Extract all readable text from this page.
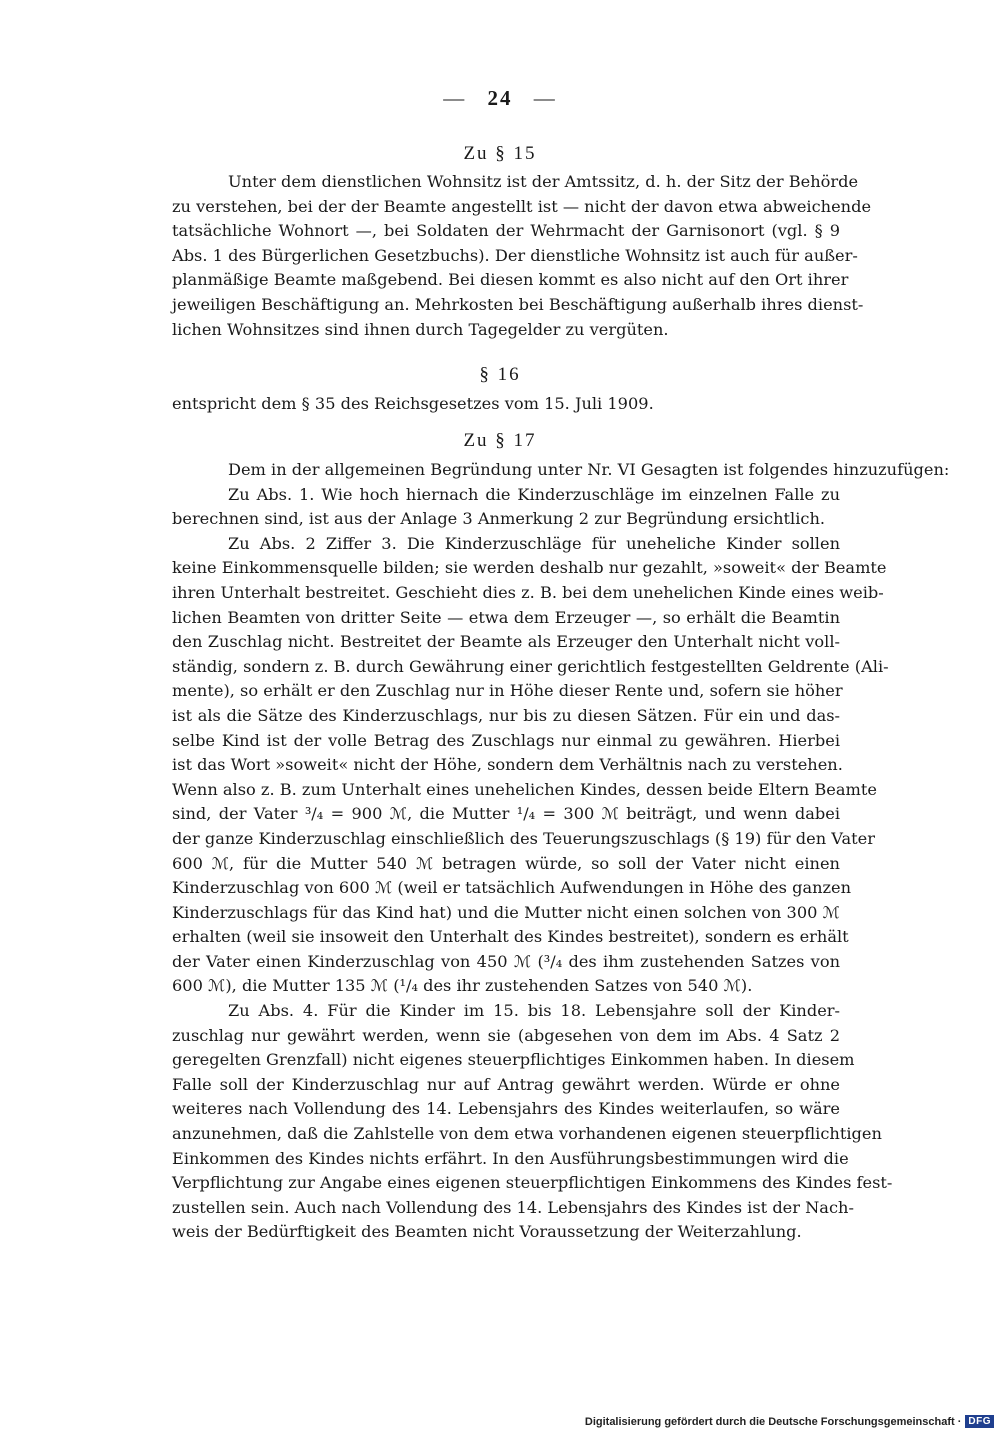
— 24 —
Zu § 15
Unter dem dienstlichen Wohnsitz ist der Amtssitz, d. h. der Sitz der Behörde
zu verstehen, bei der der Beamte angestellt ist — nicht der davon etwa abweichende
tatsächliche Wohnort —, bei Soldaten der Wehrmacht der Garnisonort (vgl. § 9
Abs. 1 des Bürgerlichen Gesetzbuchs). Der dienstliche Wohnsitz ist auch für außer-
planmäßige Beamte maßgebend. Bei diesen kommt es also nicht auf den Ort ihrer
jeweiligen Beschäftigung an. Mehrkosten bei Beschäftigung außerhalb ihres dienst-
lichen Wohnsitzes sind ihnen durch Tagegelder zu vergüten.
§ 16
entspricht dem § 35 des Reichsgesetzes vom 15. Juli 1909.
Zu § 17
Dem in der allgemeinen Begründung unter Nr. VI Gesagten ist folgendes hinzuzufügen:
Zu Abs. 1. Wie hoch hiernach die Kinderzuschläge im einzelnen Falle zu
berechnen sind, ist aus der Anlage 3 Anmerkung 2 zur Begründung ersichtlich.
Zu Abs. 2 Ziffer 3. Die Kinderzuschläge für uneheliche Kinder sollen
keine Einkommensquelle bilden; sie werden deshalb nur gezahlt, »soweit« der Beamte
ihren Unterhalt bestreitet. Geschieht dies z. B. bei dem unehelichen Kinde eines weib-
lichen Beamten von dritter Seite — etwa dem Erzeuger —, so erhält die Beamtin
den Zuschlag nicht. Bestreitet der Beamte als Erzeuger den Unterhalt nicht voll-
ständig, sondern z. B. durch Gewährung einer gerichtlich festgestellten Geldrente (Ali-
mente), so erhält er den Zuschlag nur in Höhe dieser Rente und, sofern sie höher
ist als die Sätze des Kinderzuschlags, nur bis zu diesen Sätzen. Für ein und das-
selbe Kind ist der volle Betrag des Zuschlags nur einmal zu gewähren. Hierbei
ist das Wort »soweit« nicht der Höhe, sondern dem Verhältnis nach zu verstehen.
Wenn also z. B. zum Unterhalt eines unehelichen Kindes, dessen beide Eltern Beamte
sind, der Vater ³/₄ = 900 ℳ, die Mutter ¹/₄ = 300 ℳ beiträgt, und wenn dabei
der ganze Kinderzuschlag einschließlich des Teuerungszuschlags (§ 19) für den Vater
600 ℳ, für die Mutter 540 ℳ betragen würde, so soll der Vater nicht einen
Kinderzuschlag von 600 ℳ (weil er tatsächlich Aufwendungen in Höhe des ganzen
Kinderzuschlags für das Kind hat) und die Mutter nicht einen solchen von 300 ℳ
erhalten (weil sie insoweit den Unterhalt des Kindes bestreitet), sondern es erhält
der Vater einen Kinderzuschlag von 450 ℳ (³/₄ des ihm zustehenden Satzes von
600 ℳ), die Mutter 135 ℳ (¹/₄ des ihr zustehenden Satzes von 540 ℳ).
Zu Abs. 4. Für die Kinder im 15. bis 18. Lebensjahre soll der Kinder-
zuschlag nur gewährt werden, wenn sie (abgesehen von dem im Abs. 4 Satz 2
geregelten Grenzfall) nicht eigenes steuerpflichtiges Einkommen haben. In diesem
Falle soll der Kinderzuschlag nur auf Antrag gewährt werden. Würde er ohne
weiteres nach Vollendung des 14. Lebensjahrs des Kindes weiterlaufen, so wäre
anzunehmen, daß die Zahlstelle von dem etwa vorhandenen eigenen steuerpflichtigen
Einkommen des Kindes nichts erfährt. In den Ausführungsbestimmungen wird die
Verpflichtung zur Angabe eines eigenen steuerpflichtigen Einkommens des Kindes fest-
zustellen sein. Auch nach Vollendung des 14. Lebensjahrs des Kindes ist der Nach-
weis der Bedürftigkeit des Beamten nicht Voraussetzung der Weiterzahlung.
Digitalisierung gefördert durch die Deutsche Forschungsgemeinschaft · DFG
